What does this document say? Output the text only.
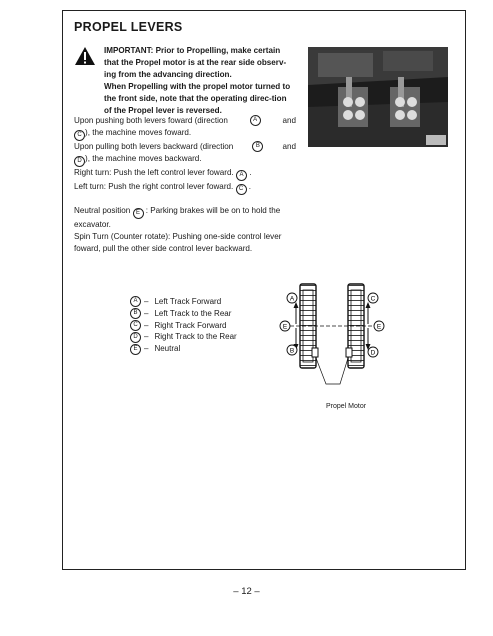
PROPEL LEVERS
IMPORTANT: Prior to Propelling, make certain that the Propel motor is at the rear side observ-ing from the advancing direction.
When Propelling with the propel motor turned to the front side, note that the operating direc-tion of the Propel lever is reversed.
Upon pushing both levers foward (direction	A	and
C ), the machine moves foward.
Upon pulling both levers backward (direction	B	and
D ), the machine moves backward.
Right turn: Push the left control lever foward. A .
Left turn: Push the right control lever foward. C .
Neutral position E : Parking brakes will be on to hold the excavator.
Spin Turn (Counter rotate): Pushing one-side control lever foward, pull the other side control lever backward.
A – Left Track Forward
B – Left Track to the Rear
C – Right Track Forward
D – Right Track to the Rear
E – Neutral
A	C
E	E
B	D
Propel Motor
– 12 –
